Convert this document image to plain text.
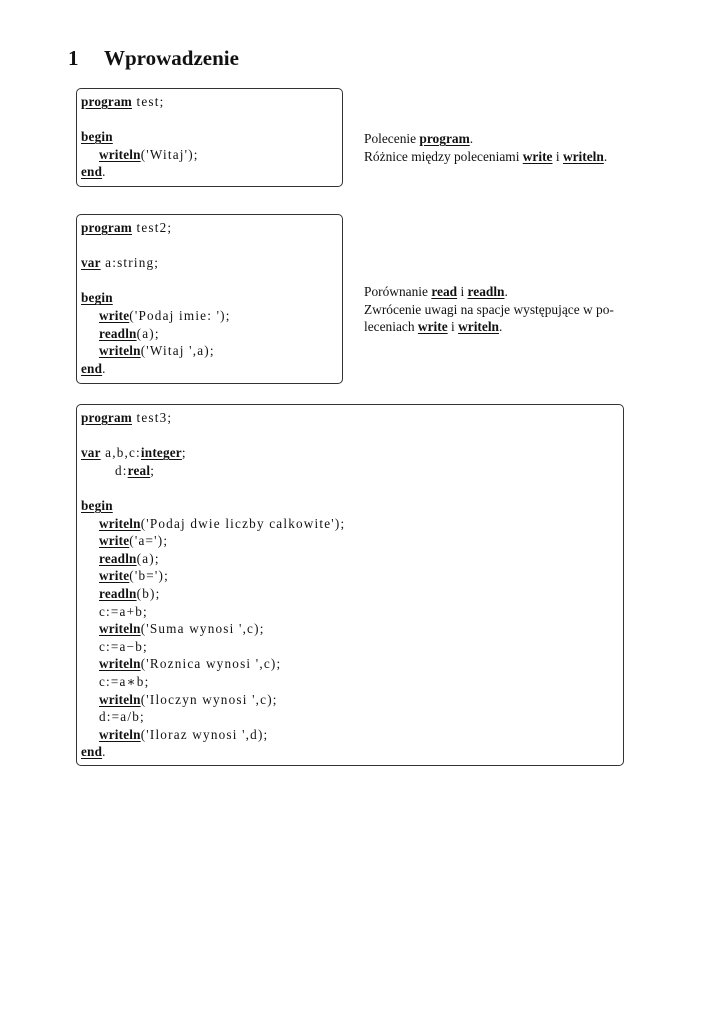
1 Wprowadzenie
program test;

begin
writeln('Witaj');
end.

Polecenie program.

Różnice między poleceniami write i writeln.

program test2;

var a:string;

begin
write('Podaj imie: ');
readln(a);
writeln('Witaj ',a);
end.

Porównanie read i readln.

Zwrócenie uwagi na spacje występujące w po-

leceniach write i writeln.

program test3;

var a,b,c:integer;
d:real;

begin
writeln('Podaj dwie liczby calkowite');
write('a=');
readln(a);
write('b=');
readln(b);
c:=a+b;
writeln('Suma wynosi ',c);
c:=a−b;
writeln('Roznica wynosi ',c);
c:=a∗b;
writeln('Iloczyn wynosi ',c);
d:=a/b;
writeln('Iloraz wynosi ',d);
end.
